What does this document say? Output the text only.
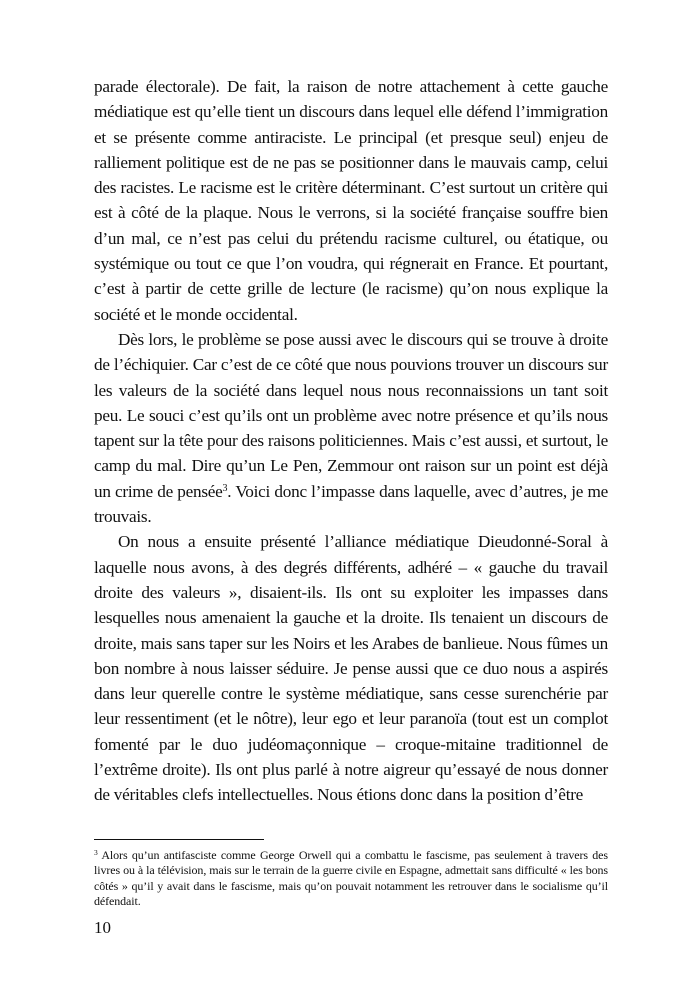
parade électorale). De fait, la raison de notre attachement à cette gauche médiatique est qu’elle tient un discours dans lequel elle défend l’immigration et se présente comme antiraciste. Le principal (et presque seul) enjeu de ralliement politique est de ne pas se positionner dans le mauvais camp, celui des racistes. Le racisme est le critère déterminant. C’est surtout un critère qui est à côté de la plaque. Nous le verrons, si la société française souffre bien d’un mal, ce n’est pas celui du prétendu racisme culturel, ou étatique, ou systémique ou tout ce que l’on voudra, qui régnerait en France. Et pourtant, c’est à partir de cette grille de lecture (le racisme) qu’on nous explique la société et le monde occidental.

Dès lors, le problème se pose aussi avec le discours qui se trouve à droite de l’échiquier. Car c’est de ce côté que nous pouvions trouver un discours sur les valeurs de la société dans lequel nous nous reconnaissions un tant soit peu. Le souci c’est qu’ils ont un problème avec notre présence et qu’ils nous tapent sur la tête pour des raisons politiciennes. Mais c’est aussi, et surtout, le camp du mal. Dire qu’un Le Pen, Zemmour ont raison sur un point est déjà un crime de pensée$^3$. Voici donc l’impasse dans laquelle, avec d’autres, je me trouvais.

On nous a ensuite présenté l’alliance médiatique Dieudonné-Soral à laquelle nous avons, à des degrés différents, adhéré – « gauche du travail droite des valeurs », disaient-ils. Ils ont su exploiter les impasses dans lesquelles nous amenaient la gauche et la droite. Ils tenaient un discours de droite, mais sans taper sur les Noirs et les Arabes de banlieue. Nous fûmes un bon nombre à nous laisser séduire. Je pense aussi que ce duo nous a aspirés dans leur querelle contre le système médiatique, sans cesse surenchérie par leur ressentiment (et le nôtre), leur ego et leur paranoïa (tout est un complot fomenté par le duo judéomaçonnique – croque-mitaine traditionnel de l’extrême droite). Ils ont plus parlé à notre aigreur qu’essayé de nous donner de véritables clefs intellectuelles. Nous étions donc dans la position d’être

$^3$ Alors qu’un antifasciste comme George Orwell qui a combattu le fascisme, pas seulement à travers des livres ou à la télévision, mais sur le terrain de la guerre civile en Espagne, admettait sans difficulté « les bons côtés » qu’il y avait dans le fascisme, mais qu’on pouvait notamment les retrouver dans le socialisme qu’il défendait.

10
